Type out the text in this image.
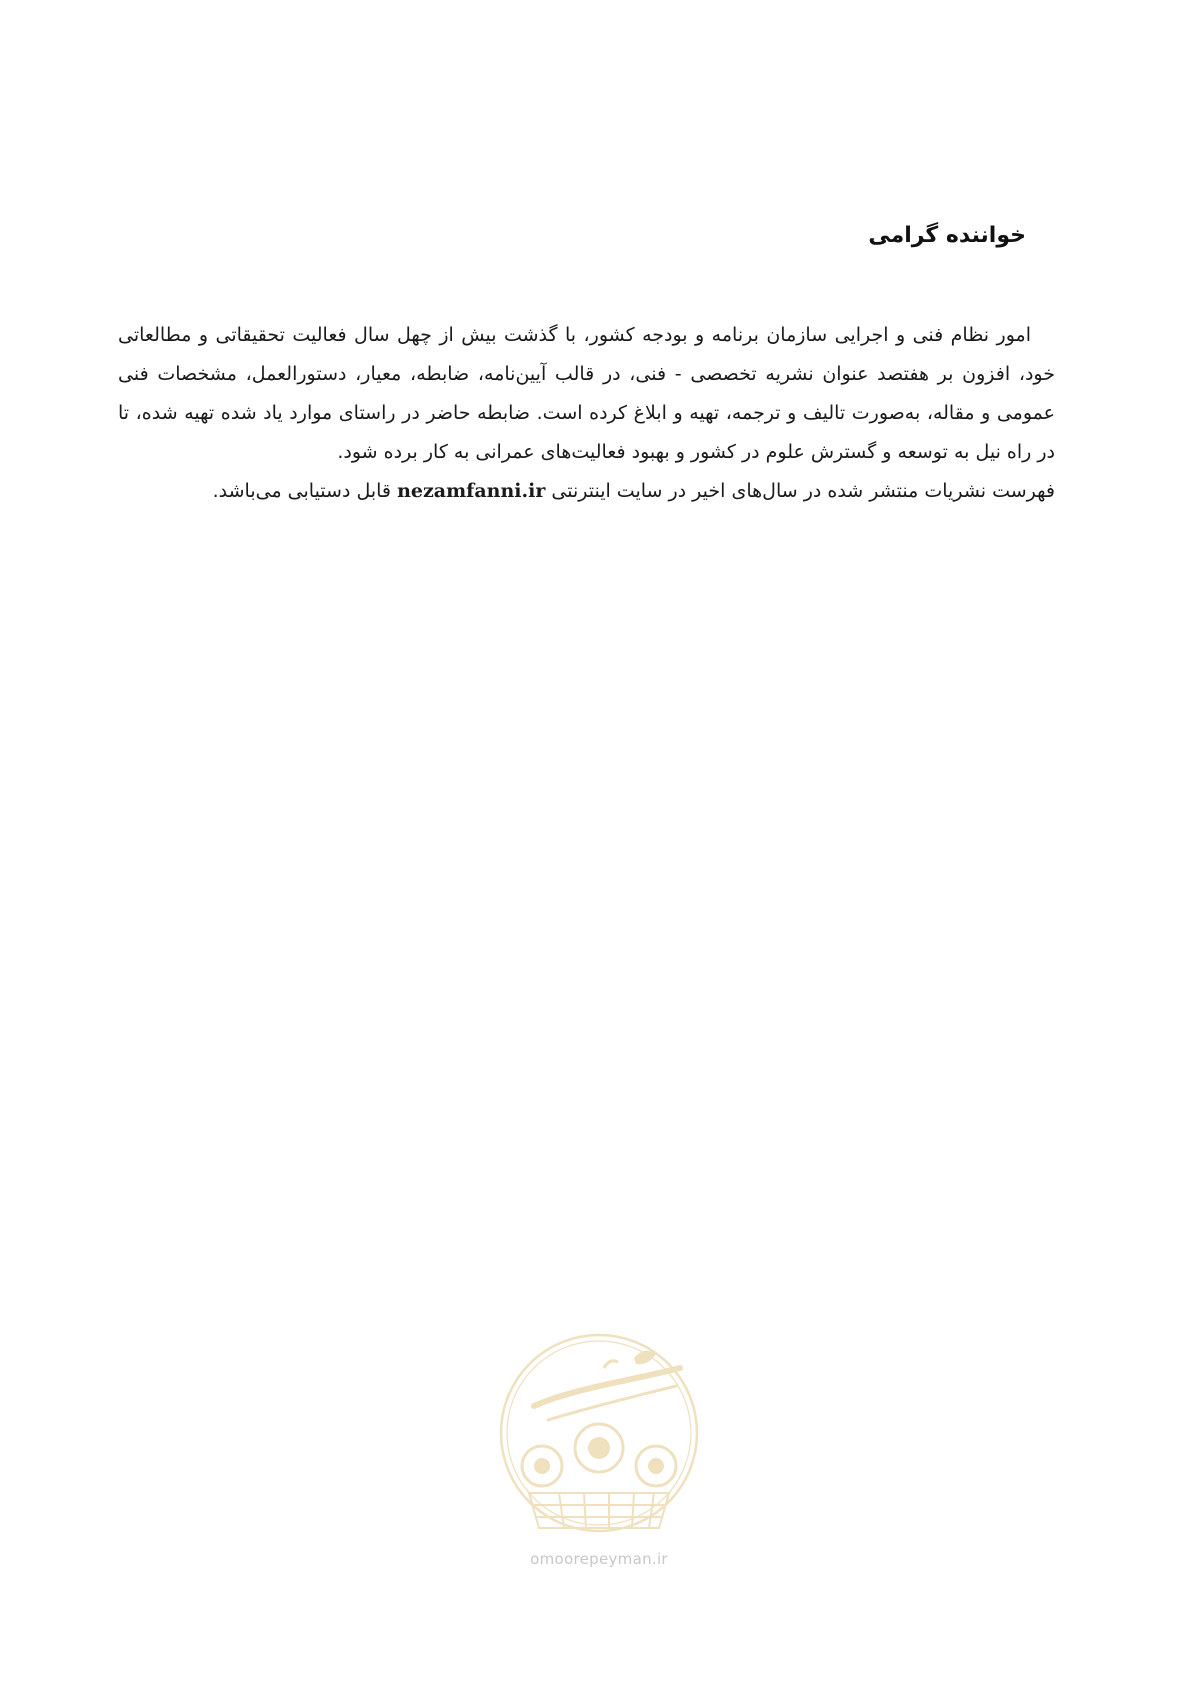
خواننده گرامی

امور نظام فنی و اجرایی سازمان برنامه و بودجه کشور، با گذشت بیش از چهل سال فعالیت تحقیقاتی و مطالعاتی خود، افزون بر هفتصد عنوان نشریه تخصصی - فنی، در قالب آیین‌نامه، ضابطه، معیار، دستورالعمل، مشخصات فنی عمومی و مقاله، به‌صورت تالیف و ترجمه، تهیه و ابلاغ کرده است. ضابطه حاضر در راستای موارد یاد شده تهیه شده، تا در راه نیل به توسعه و گسترش علوم در کشور و بهبود فعالیت‌های عمرانی به کار برده شود.

فهرست نشریات منتشر شده در سال‌های اخیر در سایت اینترنتی nezamfanni.ir قابل دستیابی می‌باشد.

omoorepeyman.ir
